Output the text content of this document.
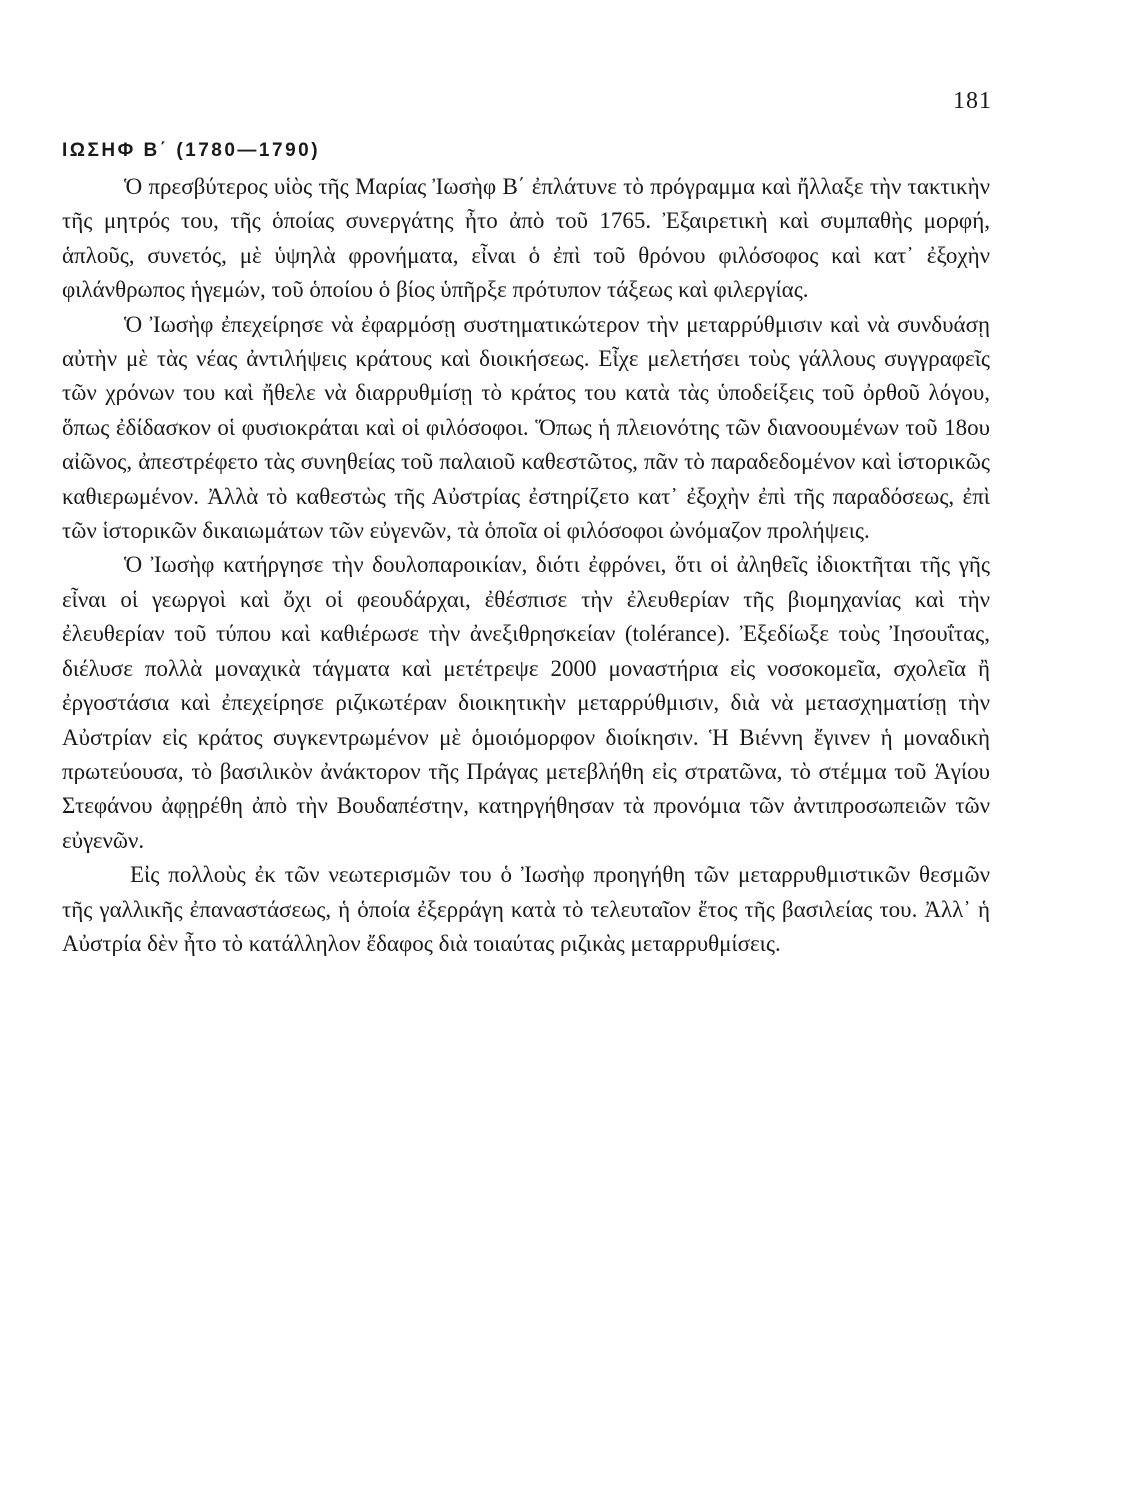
181
ΙΩΣΗΦ Β΄ (1780—1790)

Ὁ πρεσβύτερος υἱὸς τῆς Μαρίας Ἰωσὴφ Β΄ ἐπλάτυνε τὸ πρόγραμμα καὶ ἤλλαξε τὴν τακτικὴν τῆς μητρός του, τῆς ὁποίας συνεργάτης ἦτο ἀπὸ τοῦ 1765. Ἐξαιρετικὴ καὶ συμπαθὴς μορφή, ἁπλοῦς, συνετός, μὲ ὑψηλὰ φρονήματα, εἶναι ὁ ἐπὶ τοῦ θρόνου φιλόσοφος καὶ κατ᾽ ἐξοχὴν φιλάνθρωπος ἡγεμών, τοῦ ὁποίου ὁ βίος ὑπῆρξε πρότυπον τάξεως καὶ φιλεργίας.

Ὁ Ἰωσὴφ ἐπεχείρησε νὰ ἐφαρμόσῃ συστηματικώτερον τὴν μεταρρύθμισιν καὶ νὰ συνδυάσῃ αὐτὴν μὲ τὰς νέας ἀντιλήψεις κράτους καὶ διοικήσεως. Εἶχε μελετήσει τοὺς γάλλους συγγραφεῖς τῶν χρόνων του καὶ ἤθελε νὰ διαρρυθμίσῃ τὸ κράτος του κατὰ τὰς ὑποδείξεις τοῦ ὀρθοῦ λόγου, ὅπως ἐδίδασκον οἱ φυσιοκράται καὶ οἱ φιλόσοφοι. Ὅπως ἡ πλειονότης τῶν διανοουμένων τοῦ 18ου αἰῶνος, ἀπεστρέφετο τὰς συνηθείας τοῦ παλαιοῦ καθεστῶτος, πᾶν τὸ παραδεδομένον καὶ ἱστορικῶς καθιερωμένον. Ἀλλὰ τὸ καθεστὼς τῆς Αὐστρίας ἐστηρίζετο κατ᾽ ἐξοχὴν ἐπὶ τῆς παραδόσεως, ἐπὶ τῶν ἱστορικῶν δικαιωμάτων τῶν εὐγενῶν, τὰ ὁποῖα οἱ φιλόσοφοι ὠνόμαζον προλήψεις.

Ὁ Ἰωσὴφ κατήργησε τὴν δουλοπαροικίαν, διότι ἐφρόνει, ὅτι οἱ ἀληθεῖς ἰδιοκτῆται τῆς γῆς εἶναι οἱ γεωργοὶ καὶ ὄχι οἱ φεουδάρχαι, ἐθέσπισε τὴν ἐλευθερίαν τῆς βιομηχανίας καὶ τὴν ἐλευθερίαν τοῦ τύπου καὶ καθιέρωσε τὴν ἀνεξιθρησκείαν (tolérance). Ἐξεδίωξε τοὺς Ἰησουΐτας, διέλυσε πολλὰ μοναχικὰ τάγματα καὶ μετέτρεψε 2000 μοναστήρια εἰς νοσοκομεῖα, σχολεῖα ἢ ἐργοστάσια καὶ ἐπεχείρησε ριζικωτέραν διοικητικὴν μεταρρύθμισιν, διὰ νὰ μετασχηματίσῃ τὴν Αὐστρίαν εἰς κράτος συγκεντρωμένον μὲ ὁμοιόμορφον διοίκησιν. Ἡ Βιέννη ἔγινεν ἡ μοναδικὴ πρωτεύουσα, τὸ βασιλικὸν ἀνάκτορον τῆς Πράγας μετεβλήθη εἰς στρατῶνα, τὸ στέμμα τοῦ Ἁγίου Στεφάνου ἀφῃρέθη ἀπὸ τὴν Βουδαπέστην, κατηργήθησαν τὰ προνόμια τῶν ἀντιπροσωπειῶν τῶν εὐγενῶν.

Εἰς πολλοὺς ἐκ τῶν νεωτερισμῶν του ὁ Ἰωσὴφ προηγήθη τῶν μεταρρυθμιστικῶν θεσμῶν τῆς γαλλικῆς ἐπαναστάσεως, ἡ ὁποία ἐξερράγη κατὰ τὸ τελευταῖον ἔτος τῆς βασιλείας του. Ἀλλ᾽ ἡ Αὐστρία δὲν ἦτο τὸ κατάλληλον ἔδαφος διὰ τοιαύτας ριζικὰς μεταρρυθμίσεις.
